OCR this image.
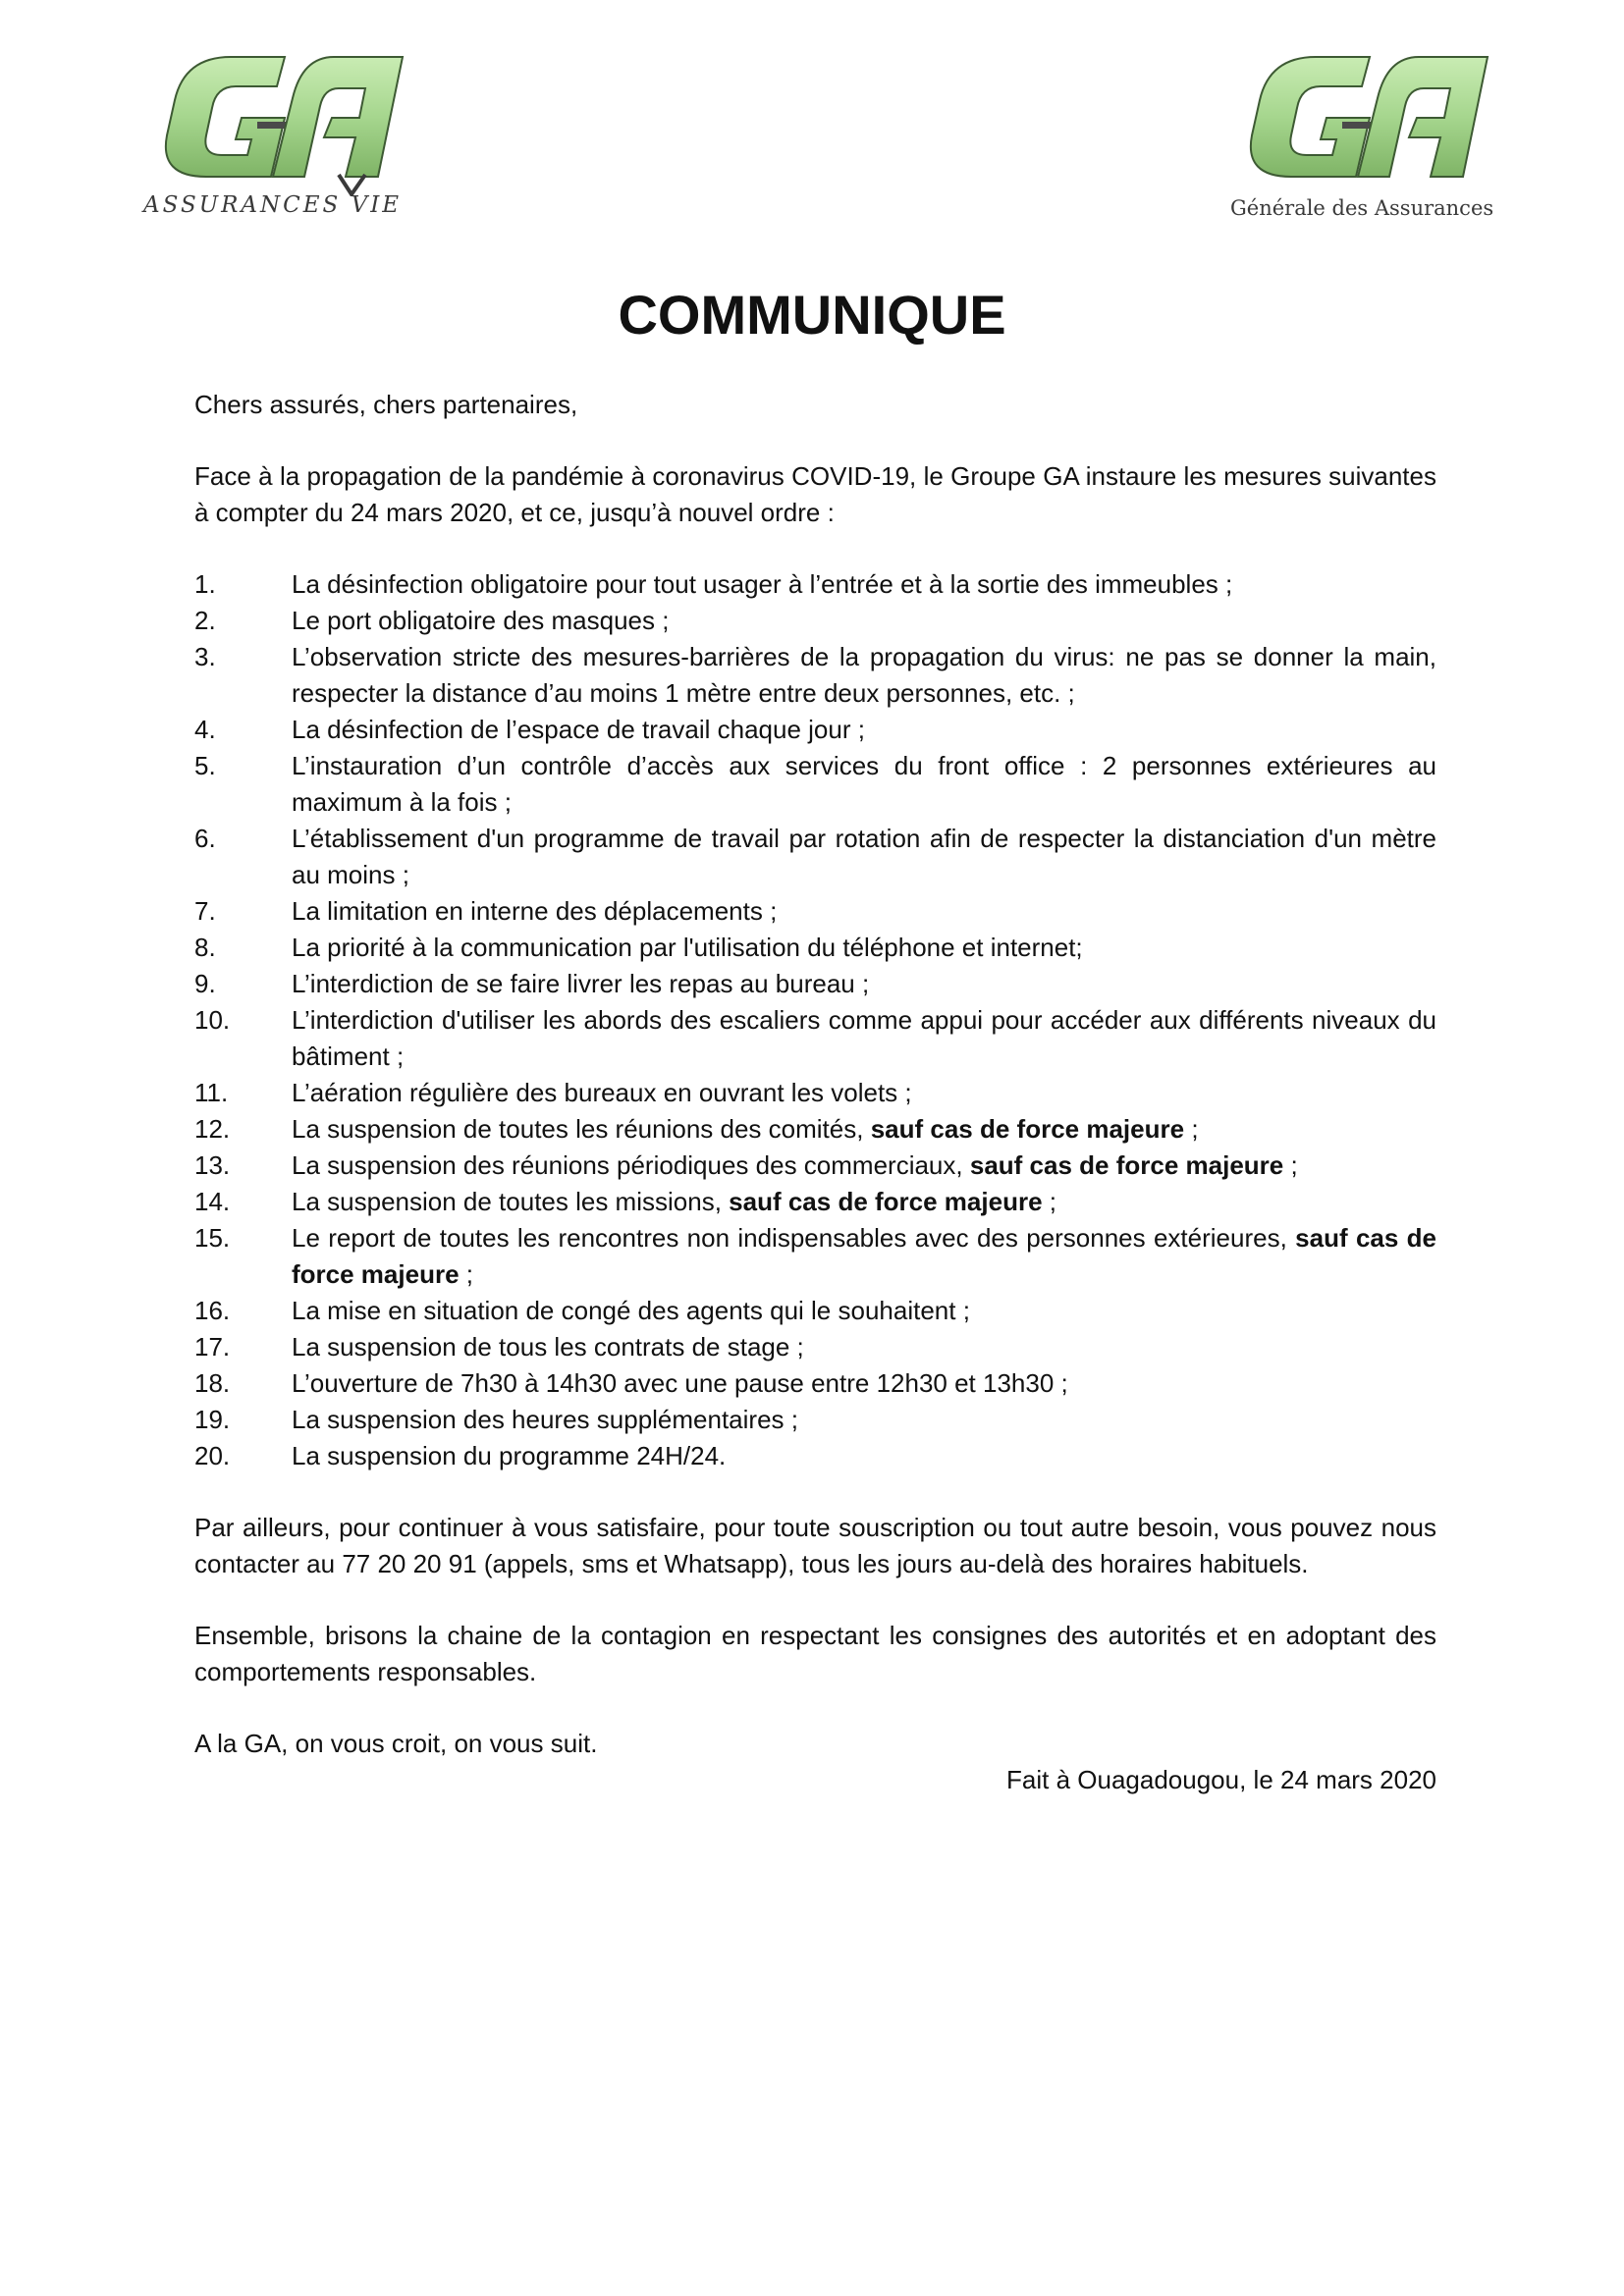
ASSURANCES VIE	Générale des Assurances
COMMUNIQUE

Chers assurés, chers partenaires,

Face à la propagation de la pandémie à coronavirus COVID-19, le Groupe GA instaure les mesures suivantes à compter du 24 mars 2020, et ce, jusqu’à nouvel ordre :

1.	La désinfection obligatoire pour tout usager à l’entrée et à la sortie des immeubles ;
2.	Le port obligatoire des masques ;
3.	L’observation stricte des mesures-barrières de la propagation du virus: ne pas se donner la main, respecter la distance d’au moins 1 mètre entre deux personnes, etc. ;
4.	La désinfection de l’espace de travail chaque jour ;
5.	L’instauration d’un contrôle d’accès aux services du front office : 2 personnes extérieures au maximum à la fois ;
6.	L’établissement d'un programme de travail par rotation afin de respecter la distanciation d'un mètre au moins ;
7.	La limitation en interne des déplacements ;
8.	La priorité à la communication par l'utilisation du téléphone et internet;
9.	L’interdiction de se faire livrer les repas au bureau ;
10. L’interdiction d'utiliser les abords des escaliers comme appui pour accéder aux différents niveaux du bâtiment ;
11. L’aération régulière des bureaux en ouvrant les volets ;
12. La suspension de toutes les réunions des comités, sauf cas de force majeure ;
13. La suspension des réunions périodiques des commerciaux, sauf cas de force majeure ;
14. La suspension de toutes les missions, sauf cas de force majeure ;
15. Le report de toutes les rencontres non indispensables avec des personnes extérieures, sauf cas de force majeure ;
16. La mise en situation de congé des agents qui le souhaitent ;
17. La suspension de tous les contrats de stage ;
18. L’ouverture de 7h30 à 14h30 avec une pause entre 12h30 et 13h30 ;
19. La suspension des heures supplémentaires ;
20. La suspension du programme 24H/24.

Par ailleurs, pour continuer à vous satisfaire, pour toute souscription ou tout autre besoin, vous pouvez nous contacter au 77 20 20 91 (appels, sms et Whatsapp), tous les jours au-delà des horaires habituels.

Ensemble, brisons la chaine de la contagion en respectant les consignes des autorités et en adoptant des comportements responsables.

A la GA, on vous croit, on vous suit.

Fait à Ouagadougou, le 24 mars 2020
